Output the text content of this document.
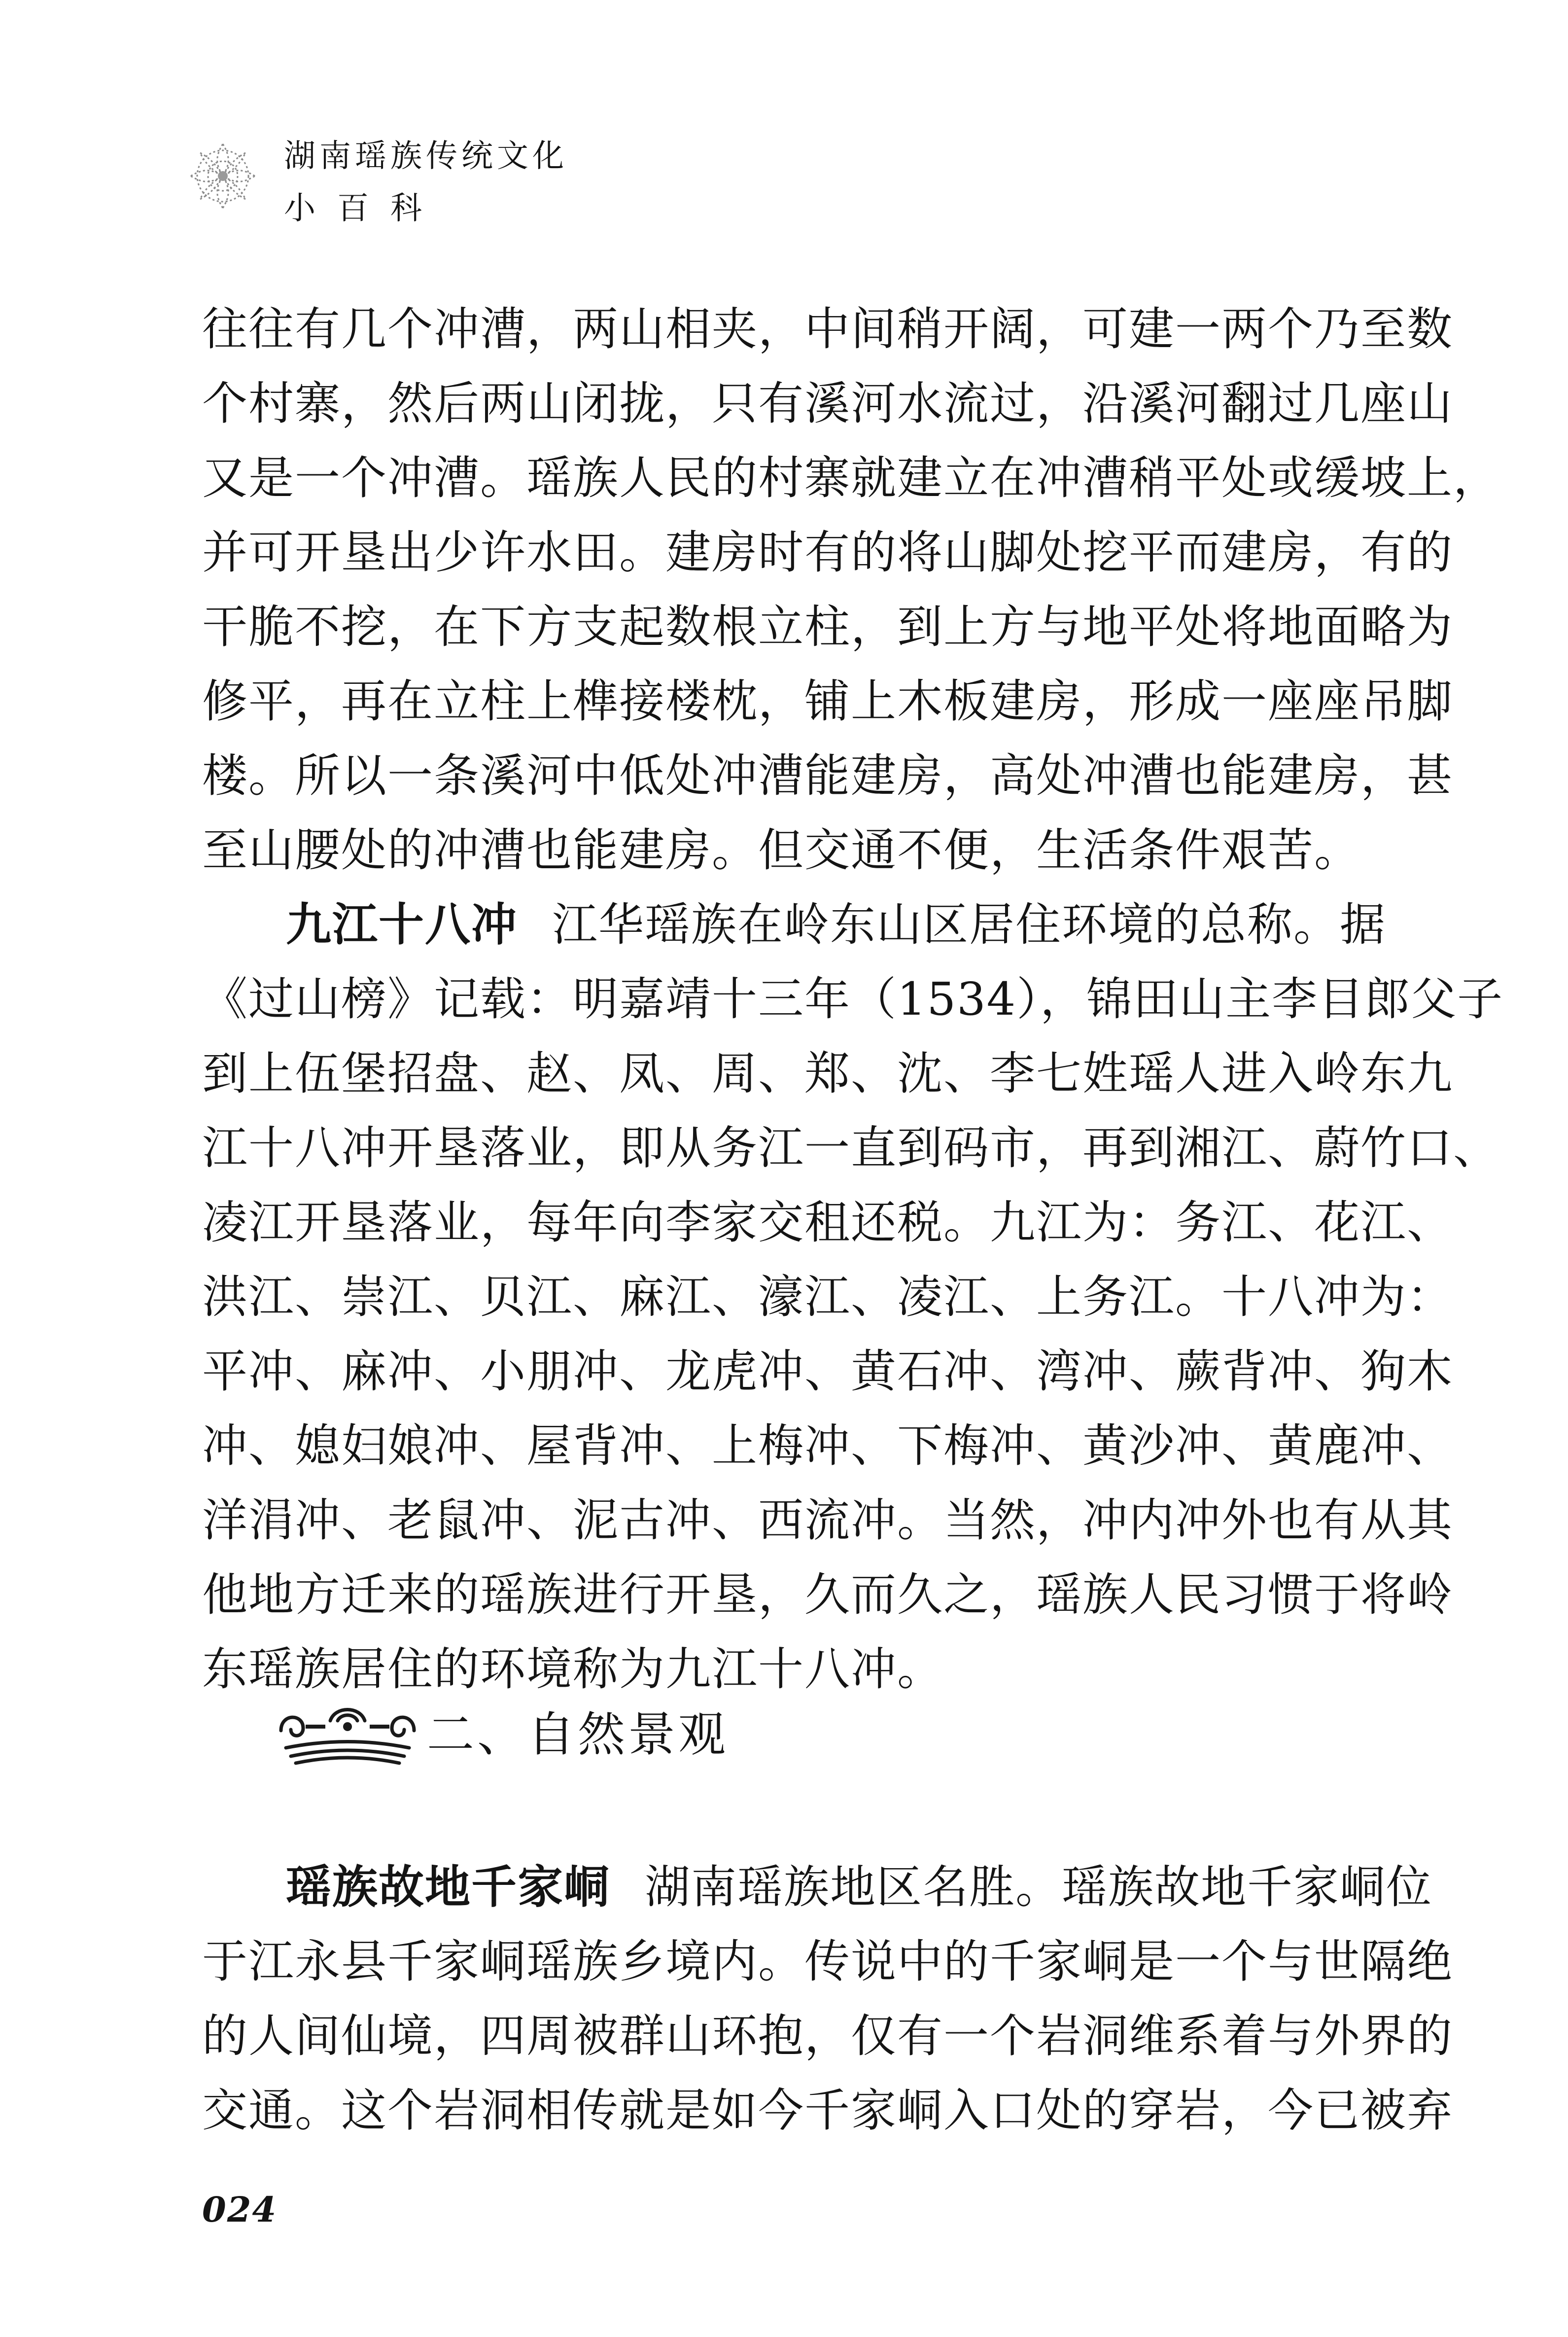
湖南瑶族传统文化
小百科
往往有几个冲漕，两山相夹，中间稍开阔，可建一两个乃至数
个村寨，然后两山闭拢，只有溪河水流过，沿溪河翻过几座山
又是一个冲漕。瑶族人民的村寨就建立在冲漕稍平处或缓坡上，
并可开垦出少许水田。建房时有的将山脚处挖平而建房，有的
干脆不挖，在下方支起数根立柱，到上方与地平处将地面略为
修平，再在立柱上榫接楼枕，铺上木板建房，形成一座座吊脚
楼。所以一条溪河中低处冲漕能建房，高处冲漕也能建房，甚
至山腰处的冲漕也能建房。但交通不便，生活条件艰苦。
九江十八冲 江华瑶族在岭东山区居住环境的总称。据
《过山榜》记载：明嘉靖十三年（1534），锦田山主李目郎父子
到上伍堡招盘、赵、凤、周、郑、沈、李七姓瑶人进入岭东九
江十八冲开垦落业，即从务江一直到码市，再到湘江、蔚竹口、
凌江开垦落业，每年向李家交租还税。九江为：务江、花江、
洪江、崇江、贝江、麻江、濠江、凌江、上务江。十八冲为：
平冲、麻冲、小朋冲、龙虎冲、黄石冲、湾冲、蕨背冲、狗木
冲、媳妇娘冲、屋背冲、上梅冲、下梅冲、黄沙冲、黄鹿冲、
洋涓冲、老鼠冲、泥古冲、西流冲。当然，冲内冲外也有从其
他地方迁来的瑶族进行开垦，久而久之，瑶族人民习惯于将岭
东瑶族居住的环境称为九江十八冲。
二、自然景观
瑶族故地千家峒 湖南瑶族地区名胜。瑶族故地千家峒位
于江永县千家峒瑶族乡境内。传说中的千家峒是一个与世隔绝
的人间仙境，四周被群山环抱，仅有一个岩洞维系着与外界的
交通。这个岩洞相传就是如今千家峒入口处的穿岩，今已被弃
024
